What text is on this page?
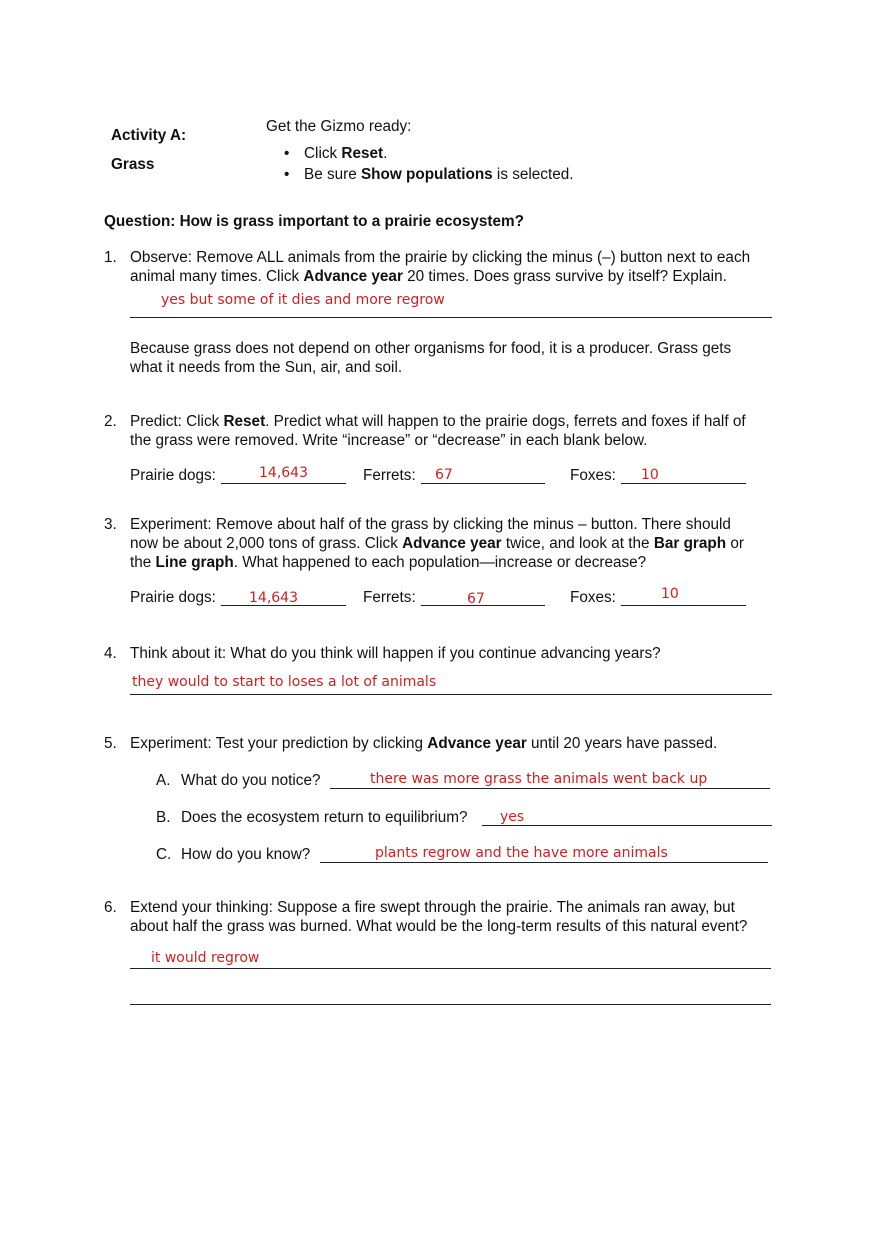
Activity A:
Grass
Get the Gizmo ready:
• Click Reset.
• Be sure Show populations is selected.
Question: How is grass important to a prairie ecosystem?
1. Observe: Remove ALL animals from the prairie by clicking the minus (–) button next to each
animal many times. Click Advance year 20 times. Does grass survive by itself? Explain.
yes but some of it dies and more regrow
Because grass does not depend on other organisms for food, it is a producer. Grass gets
what it needs from the Sun, air, and soil.
2. Predict: Click Reset. Predict what will happen to the prairie dogs, ferrets and foxes if half of
the grass were removed. Write “increase” or “decrease” in each blank below.
Prairie dogs:	14,643	Ferrets: 67	Foxes: 10
3. Experiment: Remove about half of the grass by clicking the minus – button. There should
now be about 2,000 tons of grass. Click Advance year twice, and look at the Bar graph or
the Line graph. What happened to each population—increase or decrease?
Prairie dogs: 14,643	Ferrets:	67	Foxes:	10
4. Think about it: What do you think will happen if you continue advancing years?
they would to start to loses a lot of animals
5. Experiment: Test your prediction by clicking Advance year until 20 years have passed.
A. What do you notice?	there was more grass the animals went back up
B. Does the ecosystem return to equilibrium? yes
C. How do you know?	plants regrow and the have more animals
6. Extend your thinking: Suppose a fire swept through the prairie. The animals ran away, but
about half the grass was burned. What would be the long-term results of this natural event?
it would regrow
